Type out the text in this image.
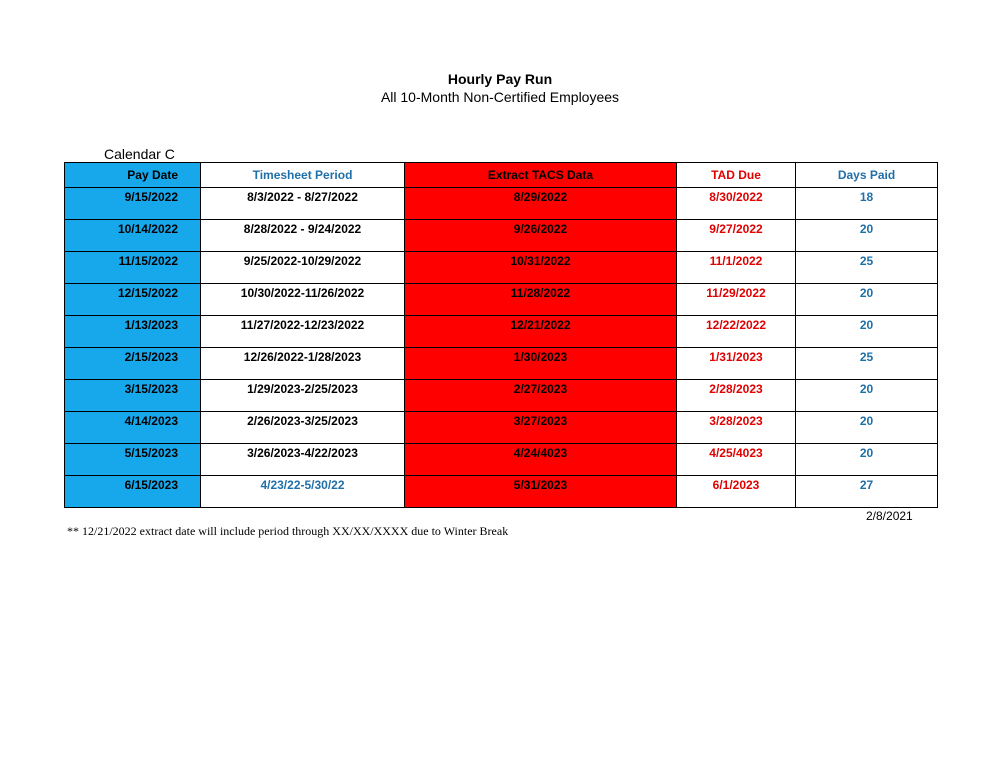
Hourly Pay Run
All 10-Month Non-Certified Employees
Calendar C
Pay Date	Timesheet Period	Extract TACS Data	TAD Due	Days Paid
9/15/2022	8/3/2022 - 8/27/2022	8/29/2022	8/30/2022	18
10/14/2022	8/28/2022 - 9/24/2022	9/26/2022	9/27/2022	20
11/15/2022	9/25/2022-10/29/2022	10/31/2022	11/1/2022	25
12/15/2022	10/30/2022-11/26/2022	11/28/2022	11/29/2022	20
1/13/2023	11/27/2022-12/23/2022	12/21/2022	12/22/2022	20
2/15/2023	12/26/2022-1/28/2023	1/30/2023	1/31/2023	25
3/15/2023	1/29/2023-2/25/2023	2/27/2023	2/28/2023	20
4/14/2023	2/26/2023-3/25/2023	3/27/2023	3/28/2023	20
5/15/2023	3/26/2023-4/22/2023	4/24/4023	4/25/4023	20
6/15/2023	4/23/22-5/30/22	5/31/2023	6/1/2023	27
2/8/2021
** 12/21/2022 extract date will include period through XX/XX/XXXX due to Winter Break
